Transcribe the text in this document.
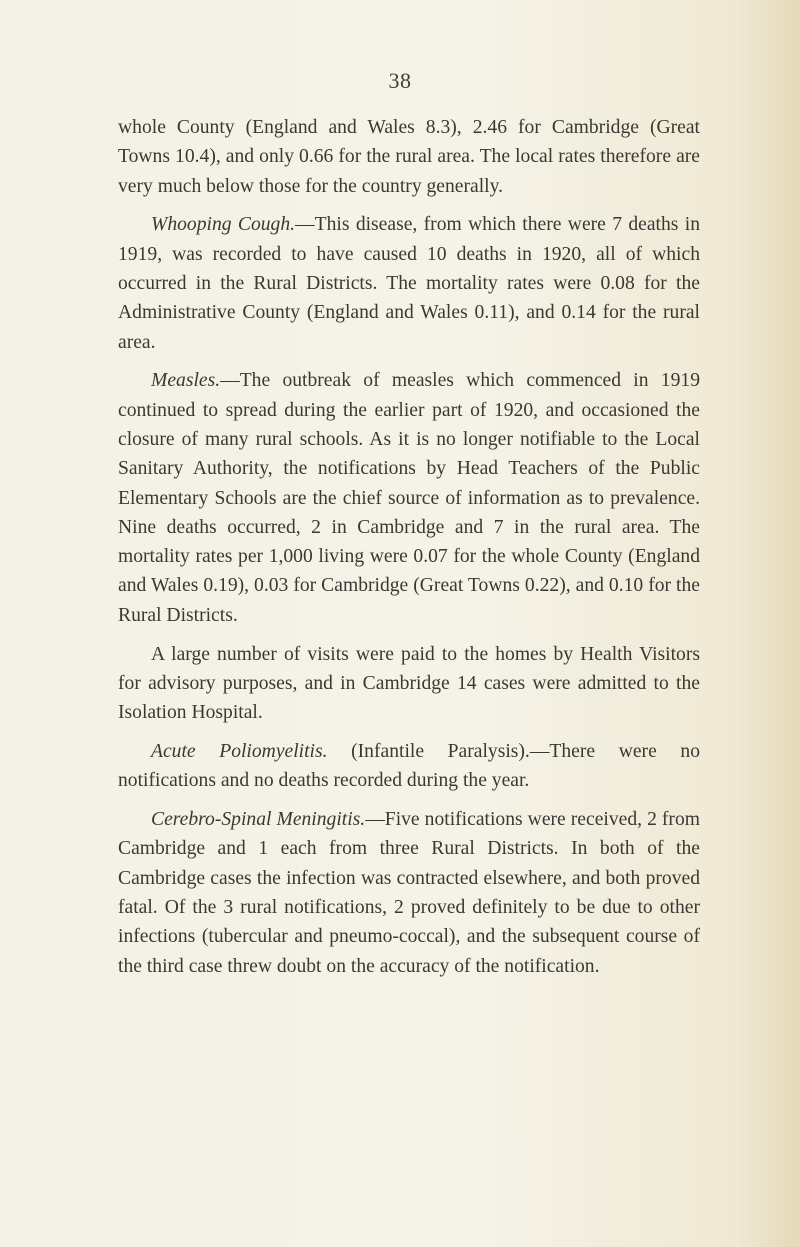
38

whole County (England and Wales 8.3), 2.46 for Cambridge (Great Towns 10.4), and only 0.66 for the rural area. The local rates therefore are very much below those for the country generally.

Whooping Cough.—This disease, from which there were 7 deaths in 1919, was recorded to have caused 10 deaths in 1920, all of which occurred in the Rural Districts. The mortality rates were 0.08 for the Administrative County (England and Wales 0.11), and 0.14 for the rural area.

Measles.—The outbreak of measles which commenced in 1919 continued to spread during the earlier part of 1920, and occasioned the closure of many rural schools. As it is no longer notifiable to the Local Sanitary Authority, the notifications by Head Teachers of the Public Elementary Schools are the chief source of information as to prevalence. Nine deaths occurred, 2 in Cambridge and 7 in the rural area. The mortality rates per 1,000 living were 0.07 for the whole County (England and Wales 0.19), 0.03 for Cambridge (Great Towns 0.22), and 0.10 for the Rural Districts.

A large number of visits were paid to the homes by Health Visitors for advisory purposes, and in Cambridge 14 cases were admitted to the Isolation Hospital.

Acute Poliomyelitis. (Infantile Paralysis).—There were no notifications and no deaths recorded during the year.

Cerebro-Spinal Meningitis.—Five notifications were received, 2 from Cambridge and 1 each from three Rural Districts. In both of the Cambridge cases the infection was contracted elsewhere, and both proved fatal. Of the 3 rural notifications, 2 proved definitely to be due to other infections (tubercular and pneumo-coccal), and the subsequent course of the third case threw doubt on the accuracy of the notification.
